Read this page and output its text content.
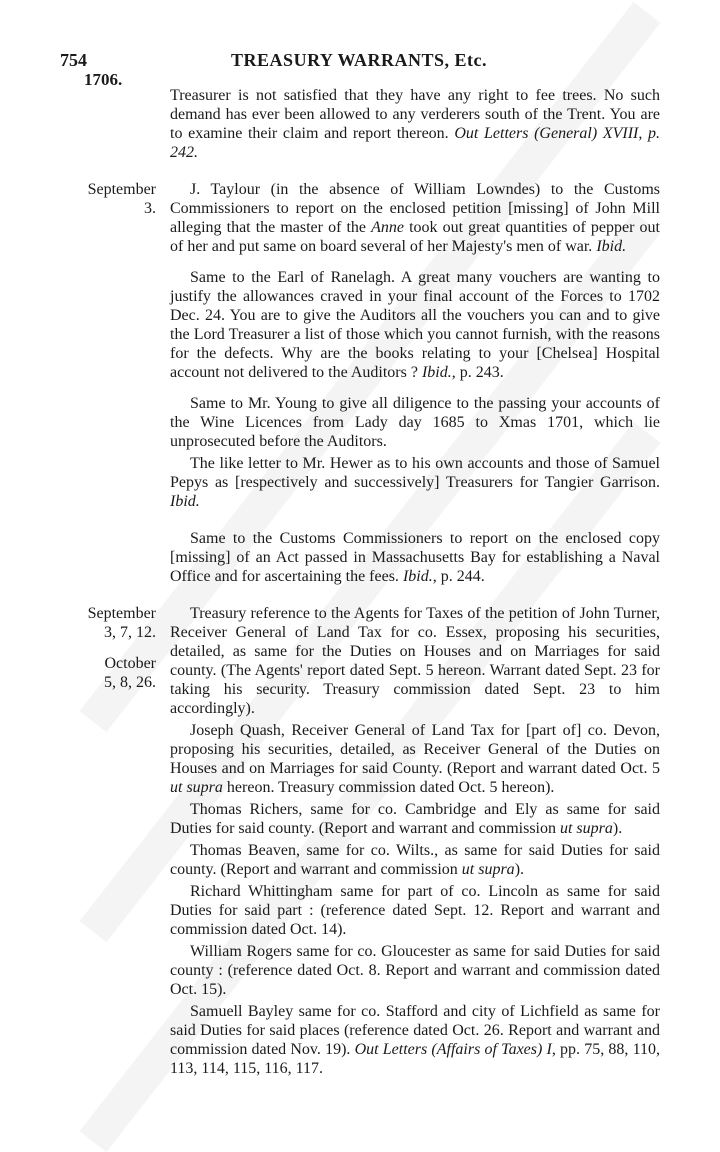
754	TREASURY WARRANTS, Etc.
1706.

Treasurer is not satisfied that they have any right to fee trees. No such demand has ever been allowed to any verderers south of the Trent. You are to examine their claim and report thereon. Out Letters (General) XVIII, p. 242.

September
3.

J. Taylour (in the absence of William Lowndes) to the Customs Commissioners to report on the enclosed petition [missing] of John Mill alleging that the master of the Anne took out great quantities of pepper out of her and put same on board several of her Majesty's men of war. Ibid.

Same to the Earl of Ranelagh. A great many vouchers are wanting to justify the allowances craved in your final account of the Forces to 1702 Dec. 24. You are to give the Auditors all the vouchers you can and to give the Lord Treasurer a list of those which you cannot furnish, with the reasons for the defects. Why are the books relating to your [Chelsea] Hospital account not delivered to the Auditors ? Ibid., p. 243.

Same to Mr. Young to give all diligence to the passing your accounts of the Wine Licences from Lady day 1685 to Xmas 1701, which lie unprosecuted before the Auditors.

The like letter to Mr. Hewer as to his own accounts and those of Samuel Pepys as [respectively and successively] Treasurers for Tangier Garrison. Ibid.

Same to the Customs Commissioners to report on the enclosed copy [missing] of an Act passed in Massachusetts Bay for establishing a Naval Office and for ascertaining the fees. Ibid., p. 244.

September
3, 7, 12.
October
5, 8, 26.

Treasury reference to the Agents for Taxes of the petition of John Turner, Receiver General of Land Tax for co. Essex, proposing his securities, detailed, as same for the Duties on Houses and on Marriages for said county. (The Agents' report dated Sept. 5 hereon. Warrant dated Sept. 23 for taking his security. Treasury commission dated Sept. 23 to him accordingly).

Joseph Quash, Receiver General of Land Tax for [part of] co. Devon, proposing his securities, detailed, as Receiver General of the Duties on Houses and on Marriages for said County. (Report and warrant dated Oct. 5 ut supra hereon. Treasury commission dated Oct. 5 hereon).

Thomas Richers, same for co. Cambridge and Ely as same for said Duties for said county. (Report and warrant and commission ut supra).

Thomas Beaven, same for co. Wilts., as same for said Duties for said county. (Report and warrant and commission ut supra).

Richard Whittingham same for part of co. Lincoln as same for said Duties for said part : (reference dated Sept. 12. Report and warrant and commission dated Oct. 14).

William Rogers same for co. Gloucester as same for said Duties for said county : (reference dated Oct. 8. Report and warrant and commission dated Oct. 15).

Samuell Bayley same for co. Stafford and city of Lichfield as same for said Duties for said places (reference dated Oct. 26. Report and warrant and commission dated Nov. 19). Out Letters (Affairs of Taxes) I, pp. 75, 88, 110, 113, 114, 115, 116, 117.
